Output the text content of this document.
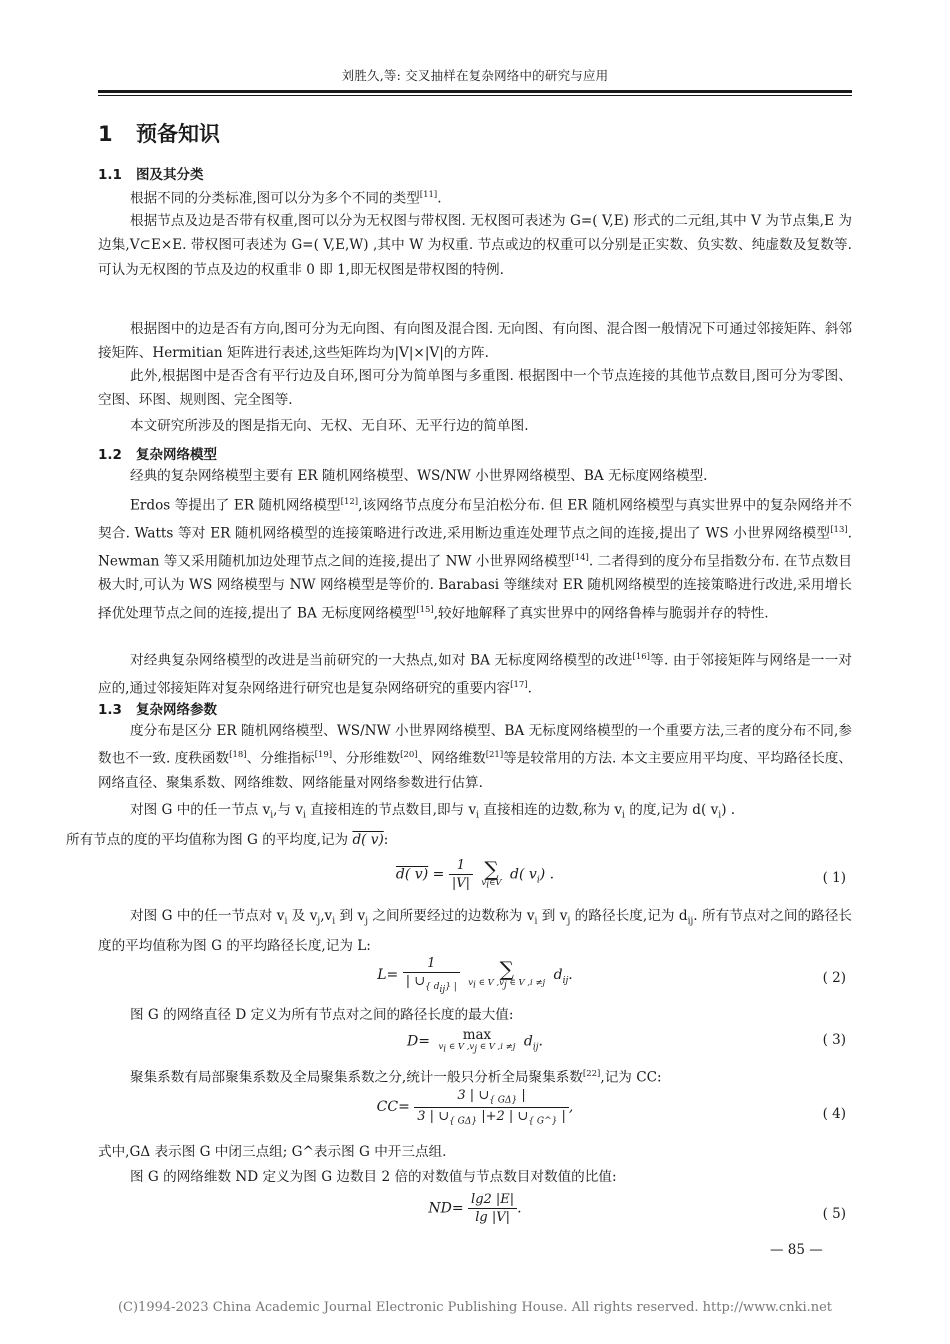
刘胜久,等: 交叉抽样在复杂网络中的研究与应用
1 预备知识
1.1 图及其分类
根据不同的分类标准,图可以分为多个不同的类型[11].
根据节点及边是否带有权重,图可以分为无权图与带权图. 无权图可表述为 G=( V,E) 形式的二元组,其中 V 为节点集,E 为边集,V⊂E×E. 带权图可表述为 G=( V,E,W) ,其中 W 为权重. 节点或边的权重可以分别是正实数、负实数、纯虚数及复数等. 可认为无权图的节点及边的权重非 0 即 1,即无权图是带权图的特例.
根据图中的边是否有方向,图可分为无向图、有向图及混合图. 无向图、有向图、混合图一般情况下可通过邻接矩阵、斜邻接矩阵、Hermitian 矩阵进行表述,这些矩阵均为|V|×|V|的方阵.
此外,根据图中是否含有平行边及自环,图可分为简单图与多重图. 根据图中一个节点连接的其他节点数目,图可分为零图、空图、环图、规则图、完全图等.
本文研究所涉及的图是指无向、无权、无自环、无平行边的简单图.
1.2 复杂网络模型
经典的复杂网络模型主要有 ER 随机网络模型、WS/NW 小世界网络模型、BA 无标度网络模型.
Erdos 等提出了 ER 随机网络模型[12],该网络节点度分布呈泊松分布. 但 ER 随机网络模型与真实世界中的复杂网络并不契合. Watts 等对 ER 随机网络模型的连接策略进行改进,采用断边重连处理节点之间的连接,提出了 WS 小世界网络模型[13]. Newman 等又采用随机加边处理节点之间的连接,提出了 NW 小世界网络模型[14]. 二者得到的度分布呈指数分布. 在节点数目极大时,可认为 WS 网络模型与 NW 网络模型是等价的. Barabasi 等继续对 ER 随机网络模型的连接策略进行改进,采用增长择优处理节点之间的连接,提出了 BA 无标度网络模型[15],较好地解释了真实世界中的网络鲁棒与脆弱并存的特性.
对经典复杂网络模型的改进是当前研究的一大热点,如对 BA 无标度网络模型的改进[16]等. 由于邻接矩阵与网络是一一对应的,通过邻接矩阵对复杂网络进行研究也是复杂网络研究的重要内容[17].
1.3 复杂网络参数
度分布是区分 ER 随机网络模型、WS/NW 小世界网络模型、BA 无标度网络模型的一个重要方法,三者的度分布不同,参数也不一致. 度秩函数[18]、分维指标[19]、分形维数[20]、网络维数[21]等是较常用的方法. 本文主要应用平均度、平均路径长度、网络直径、聚集系数、网络维数、网络能量对网络参数进行估算.
对图 G 中的任一节点 $v_i$,与 $v_i$ 直接相连的节点数目,即与 $v_i$ 直接相连的边数,称为 $v_i$ 的度,记为 d( $v_i$) .
所有节点的度的平均值称为图 G 的平均度,记为 d( v):
d( $v) = \frac{1}{|V|}$
∑
$v_i\in V$
d( $v_i$) .	( 1)
对图 G 中的任一节点对 $v_i$ 及 $v_j,v_i$ 到 $v_j$ 之间所要经过的边数称为 $v_i$ 到 $v_j$ 的路径长度,记为 $d_{ij}$. 所有节点对之间的路径长度的平均值称为图 G 的平均路径长度,记为 L:
$L= \frac{1}{| \cup_{\{ d_{ij}\} |}}$
	∑
$v_i$ ∈ V $,v_j$ ∈ V ,i ≠j
$d_{ij}$.	( 2)
图 G 的网络直径 D 定义为所有节点对之间的路径长度的最大值:
D=	max
$v_i$ ∈ V $,v_j$ ∈ V ,i ≠j $d_{ij}$.	( 3)
聚集系数有局部聚集系数及全局聚集系数之分,统计一般只分析全局聚集系数[22],记为 CC:
$CC= \frac{3 | \cup_{\{ G\Delta\}} |}{3 | \cup_{\{ G\Delta\}} |+2 | \cup_{\{ G\^{}\}} |}$ ,	( 4)
式中,GΔ 表示图 G 中闭三点组; G^表示图 G 中开三点组.
图 G 的网络维数 ND 定义为图 G 边数目 2 倍的对数值与节点数目对数值的比值:
$ND= \frac{\lg 2 |E|}{\lg |V|}$ .	( 5)
— 85 —
(C)1994-2023 China Academic Journal Electronic Publishing House. All rights reserved. http://www.cnki.net
